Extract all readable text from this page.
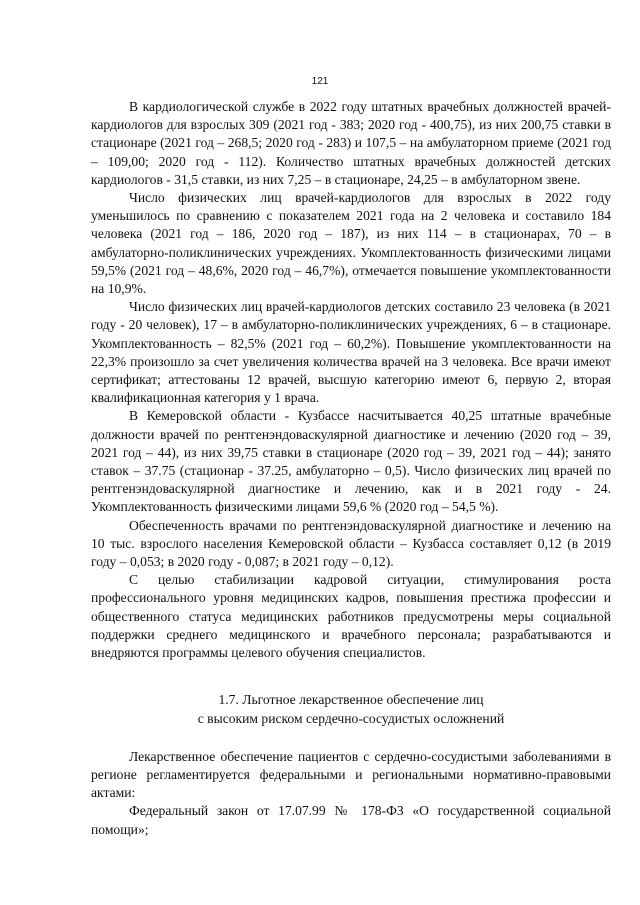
121

В кардиологической службе в 2022 году штатных врачебных должностей врачей-кардиологов для взрослых 309 (2021 год - 383; 2020 год - 400,75), из них 200,75 ставки в стационаре (2021 год – 268,5; 2020 год - 283) и 107,5 – на амбулаторном приеме (2021 год – 109,00; 2020 год - 112). Количество штатных врачебных должностей детских кардиологов - 31,5 ставки, из них 7,25 – в стационаре, 24,25 – в амбулаторном звене.

Число физических лиц врачей-кардиологов для взрослых в 2022 году уменьшилось по сравнению с показателем 2021 года на 2 человека и составило 184 человека (2021 год – 186, 2020 год – 187), из них 114 – в стационарах, 70 – в амбулаторно-поликлинических учреждениях. Укомплектованность физическими лицами 59,5% (2021 год – 48,6%, 2020 год – 46,7%), отмечается повышение укомплектованности на 10,9%.

Число физических лиц врачей-кардиологов детских составило 23 человека (в 2021 году - 20 человек), 17 – в амбулаторно-поликлинических учреждениях, 6 – в стационаре. Укомплектованность – 82,5% (2021 год – 60,2%). Повышение укомплектованности на 22,3% произошло за счет увеличения количества врачей на 3 человека. Все врачи имеют сертификат; аттестованы 12 врачей, высшую категорию имеют 6, первую 2, вторая квалификационная категория у 1 врача.

В Кемеровской области - Кузбассе насчитывается 40,25 штатные врачебные должности врачей по рентгенэндоваскулярной диагностике и лечению (2020 год – 39, 2021 год – 44), из них 39,75 ставки в стационаре (2020 год – 39, 2021 год – 44); занято ставок – 37.75 (стационар - 37.25, амбулаторно – 0,5). Число физических лиц врачей по рентгенэндоваскулярной диагностике и лечению, как и в 2021 году - 24. Укомплектованность физическими лицами 59,6 % (2020 год – 54,5 %).

Обеспеченность врачами по рентгенэндоваскулярной диагностике и лечению на 10 тыс. взрослого населения Кемеровской области – Кузбасса составляет 0,12 (в 2019 году – 0,053; в 2020 году - 0,087; в 2021 году – 0,12).

С целью стабилизации кадровой ситуации, стимулирования роста профессионального уровня медицинских кадров, повышения престижа профессии и общественного статуса медицинских работников предусмотрены меры социальной поддержки среднего медицинского и врачебного персонала; разрабатываются и внедряются программы целевого обучения специалистов.

1.7. Льготное лекарственное обеспечение лиц
с высоким риском сердечно-сосудистых осложнений

Лекарственное обеспечение пациентов с сердечно-сосудистыми заболеваниями в регионе регламентируется федеральными и региональными нормативно-правовыми актами:

Федеральный закон от 17.07.99 № 178-ФЗ «О государственной социальной помощи»;
